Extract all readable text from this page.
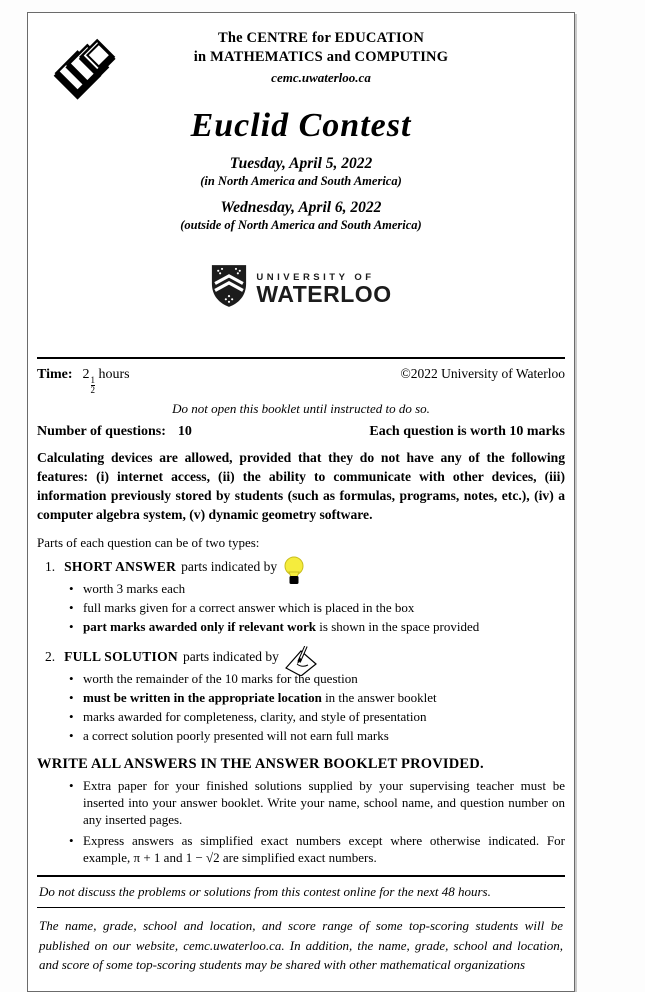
The CENTRE for EDUCATION
in MATHEMATICS and COMPUTING
cemc.uwaterloo.ca
Euclid Contest
Tuesday, April 5, 2022
(in North America and South America)
Wednesday, April 6, 2022
(outside of North America and South America)
UNIVERSITY OF
WATERLOO
Time: 2
$\frac{1}{2}$
hours	©2022 University of Waterloo
Do not open this booklet until instructed to do so.
Number of questions: 10	Each question is worth 10 marks

Calculating devices are allowed, provided that they do not have any of the following features: (i) internet access, (ii) the ability to communicate with other devices, (iii) information previously stored by students (such as formulas, programs, notes, etc.), (iv) a computer algebra system, (v) dynamic geometry software.

Parts of each question can be of two types:
1. SHORT ANSWER parts indicated by
• worth 3 marks each
• full marks given for a correct answer which is placed in the box
• part marks awarded only if relevant work is shown in the space provided
2. FULL SOLUTION parts indicated by
• worth the remainder of the 10 marks for the question
• must be written in the appropriate location in the answer booklet
• marks awarded for completeness, clarity, and style of presentation
• a correct solution poorly presented will not earn full marks
WRITE ALL ANSWERS IN THE ANSWER BOOKLET PROVIDED.
• Extra paper for your finished solutions supplied by your supervising teacher must be inserted into your answer booklet. Write your name, school name, and question number on any inserted pages.
• Express answers as simplified exact numbers except where otherwise indicated. For example, π + 1 and 1 − √2 are simplified exact numbers.
Do not discuss the problems or solutions from this contest online for the next 48 hours.

The name, grade, school and location, and score range of some top-scoring students will be published on our website, cemc.uwaterloo.ca. In addition, the name, grade, school and location, and score of some top-scoring students may be shared with other mathematical organizations
